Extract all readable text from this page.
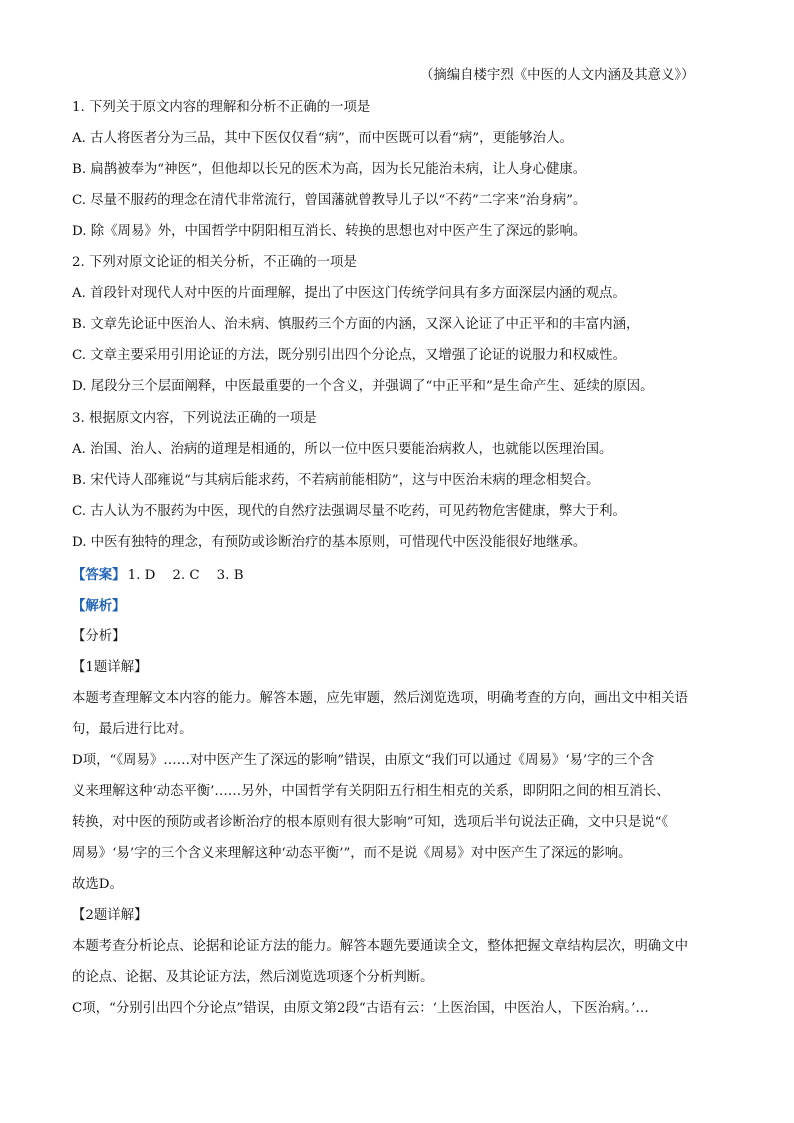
（摘编自楼宇烈《中医的人文内涵及其意义》）
1. 下列关于原文内容的理解和分析不正确的一项是
A. 古人将医者分为三品，其中下医仅仅看“病”，而中医既可以看“病”，更能够治人。
B. 扁鹊被奉为“神医”，但他却以长兄的医术为高，因为长兄能治未病，让人身心健康。
C. 尽量不服药的理念在清代非常流行，曾国藩就曾教导儿子以“不药”二字来“治身病”。
D. 除《周易》外，中国哲学中阴阳相互消长、转换的思想也对中医产生了深远的影响。
2. 下列对原文论证的相关分析，不正确的一项是
A. 首段针对现代人对中医的片面理解，提出了中医这门传统学问具有多方面深层内涵的观点。
B. 文章先论证中医治人、治未病、慎服药三个方面的内涵，又深入论证了中正平和的丰富内涵，
C. 文章主要采用引用论证的方法，既分别引出四个分论点，又增强了论证的说服力和权威性。
D. 尾段分三个层面阐释，中医最重要的一个含义，并强调了“中正平和”是生命产生、延续的原因。
3. 根据原文内容，下列说法正确的一项是
A. 治国、治人、治病的道理是相通的，所以一位中医只要能治病救人，也就能以医理治国。
B. 宋代诗人邵雍说“与其病后能求药，不若病前能相防”，这与中医治未病的理念相契合。
C. 古人认为不服药为中医，现代的自然疗法强调尽量不吃药，可见药物危害健康，弊大于利。
D. 中医有独特的理念，有预防或诊断治疗的基本原则，可惜现代中医没能很好地继承。
【答案】 1. D    2. C    3. B
【解析】
【分析】
【1题详解】
本题考查理解文本内容的能力。解答本题，应先审题，然后浏览选项，明确考查的方向，画出文中相关语
句，最后进行比对。
D项，“《周易》……对中医产生了深远的影响”错误，由原文“我们可以通过《周易》‘易’字的三个含
义来理解这种‘动态平衡’……另外，中国哲学有关阴阳五行相生相克的关系，即阴阳之间的相互消长、
转换，对中医的预防或者诊断治疗的根本原则有很大影响”可知，选项后半句说法正确，文中只是说“《
周易》‘易’字的三个含义来理解这种‘动态平衡’”，而不是说《周易》对中医产生了深远的影响。
故选D。
【2题详解】
本题考查分析论点、论据和论证方法的能力。解答本题先要通读全文，整体把握文章结构层次，明确文中
的论点、论据、及其论证方法，然后浏览选项逐个分析判断。
C项，“分别引出四个分论点”错误，由原文第2段“古语有云：‘上医治国，中医治人，下医治病。’…
